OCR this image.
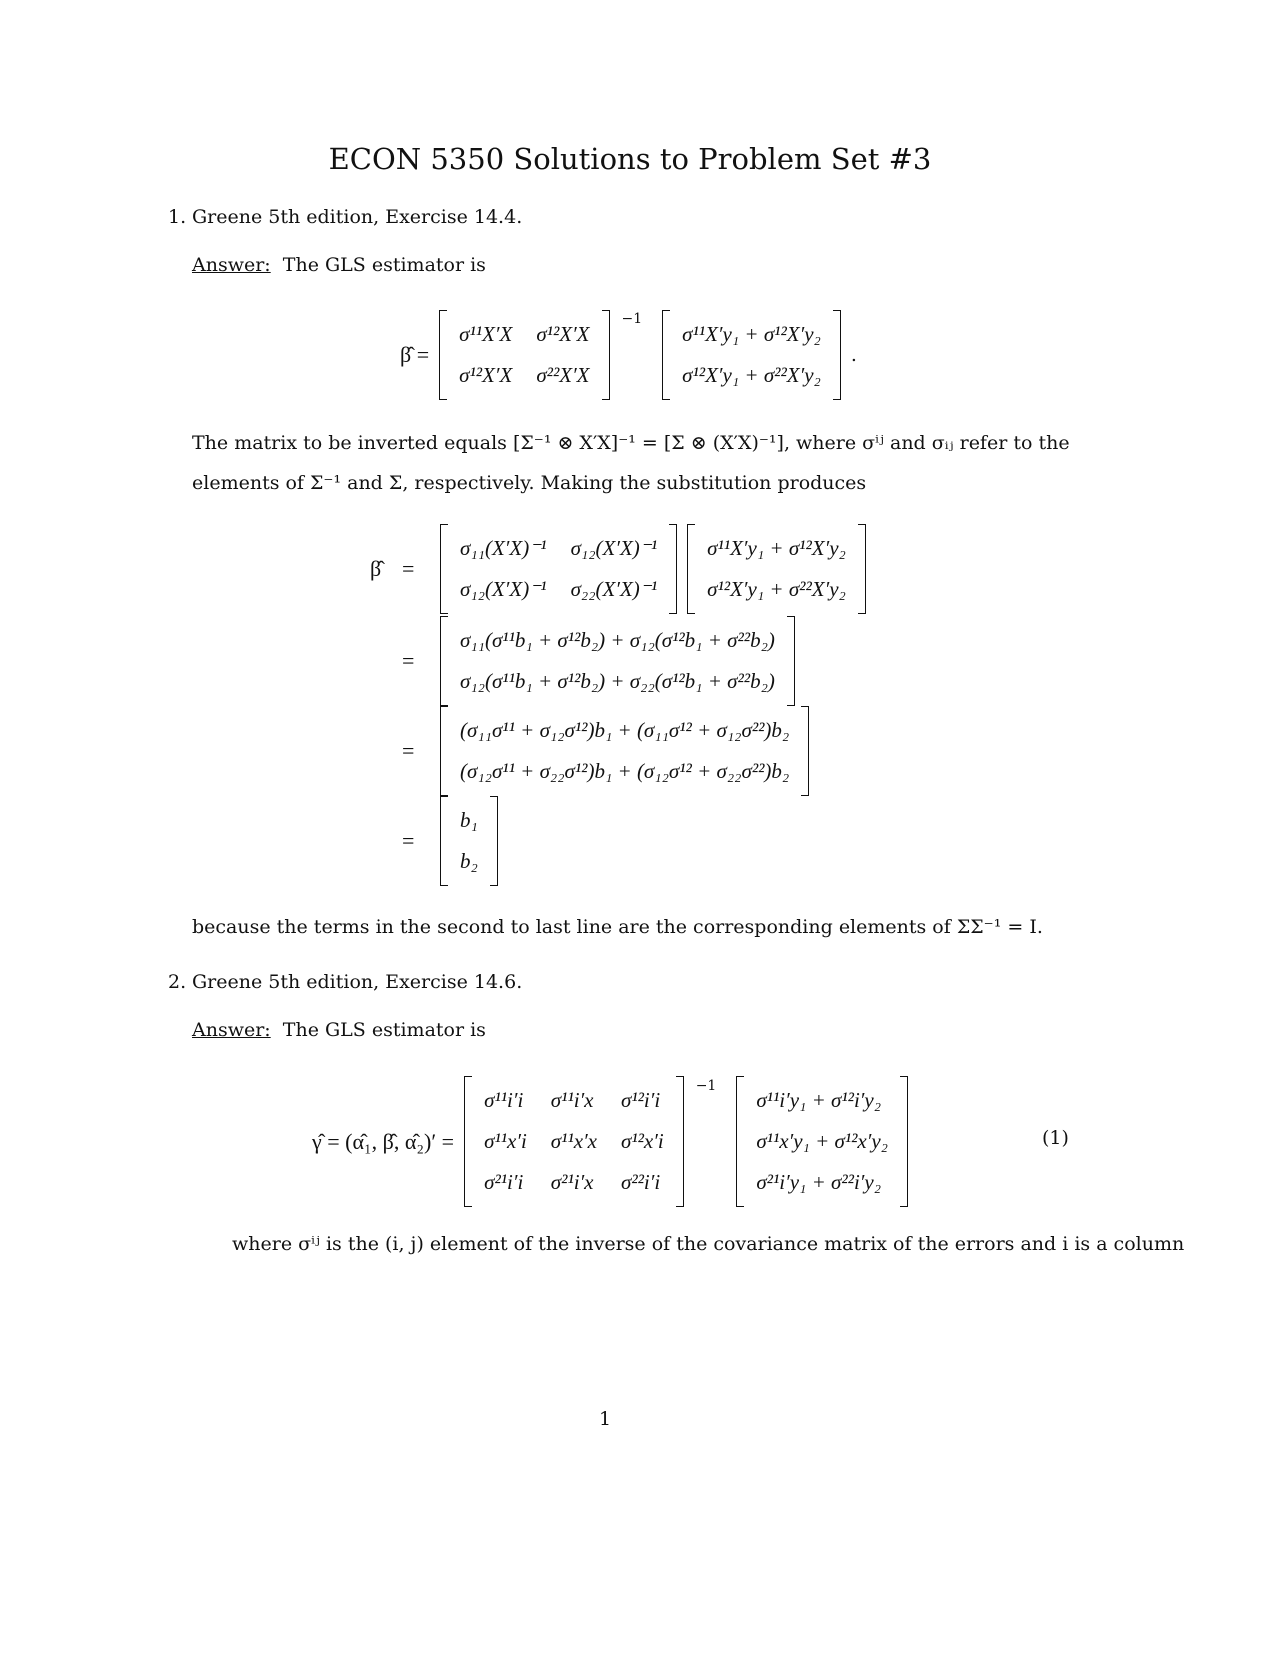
ECON 5350 Solutions to Problem Set #3
1. Greene 5th edition, Exercise 14.4.
Answer: The GLS estimator is
β̂ =
σ¹¹X′X	σ¹²X′X
σ¹²X′X	σ²²X′X
−1
σ¹¹X′y₁ + σ¹²X′y₂
σ¹²X′y₁ + σ²²X′y₂
.
The matrix to be inverted equals [Σ⁻¹ ⊗ X′X]⁻¹ = [Σ ⊗ (X′X)⁻¹], where σⁱʲ and σᵢⱼ refer to the
elements of Σ⁻¹ and Σ, respectively. Making the substitution produces
β̂ =
σ₁₁(X′X)⁻¹	σ₁₂(X′X)⁻¹
σ₁₂(X′X)⁻¹	σ₂₂(X′X)⁻¹
σ¹¹X′y₁ + σ¹²X′y₂
σ¹²X′y₁ + σ²²X′y₂
=
σ₁₁(σ¹¹b₁ + σ¹²b₂) + σ₁₂(σ¹²b₁ + σ²²b₂)
σ₁₂(σ¹¹b₁ + σ¹²b₂) + σ₂₂(σ¹²b₁ + σ²²b₂)
=
(σ₁₁σ¹¹ + σ₁₂σ¹²)b₁ + (σ₁₁σ¹² + σ₁₂σ²²)b₂
(σ₁₂σ¹¹ + σ₂₂σ¹²)b₁ + (σ₁₂σ¹² + σ₂₂σ²²)b₂
=
b₁
b₂
because the terms in the second to last line are the corresponding elements of ΣΣ⁻¹ = I.
2. Greene 5th edition, Exercise 14.6.
Answer: The GLS estimator is
γ̂ = (α̂₁, β̂, α̂₂)′ =
σ¹¹i′i	σ¹¹i′x	σ¹²i′i
σ¹¹x′i	σ¹¹x′x	σ¹²x′i
σ²¹i′i	σ²¹i′x	σ²²i′i
−1
σ¹¹i′y₁ + σ¹²i′y₂
σ¹¹x′y₁ + σ¹²x′y₂
σ²¹i′y₁ + σ²²i′y₂
(1)
where σⁱʲ is the (i, j) element of the inverse of the covariance matrix of the errors and i is a column
1
